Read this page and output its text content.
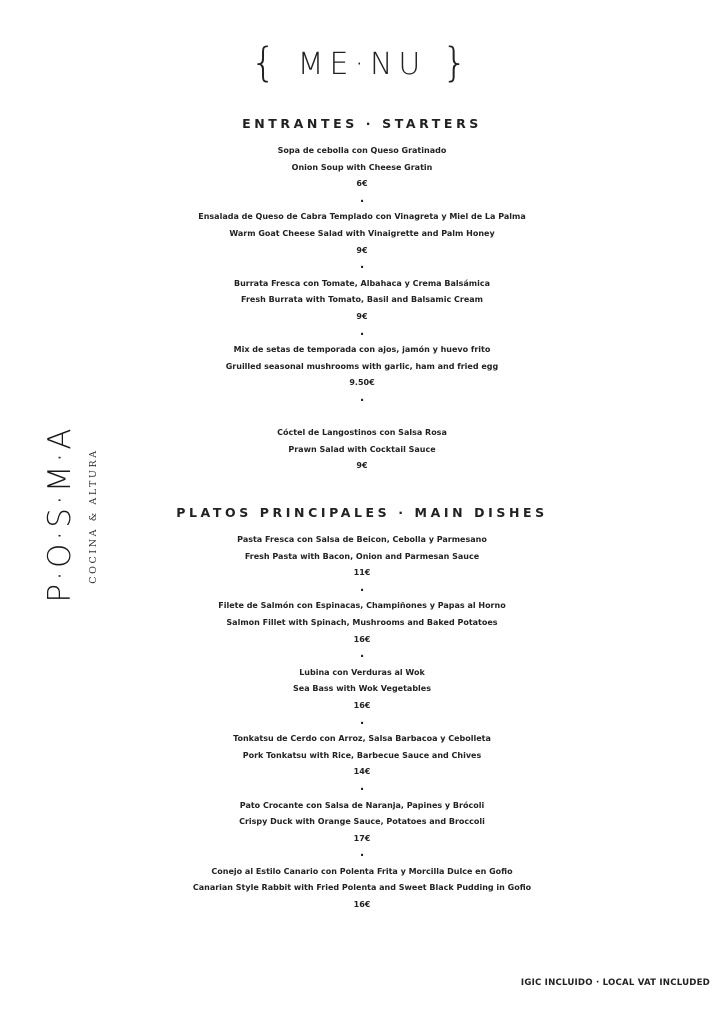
{ ME·NU }
P·O·S·M·A COCINA & ALTURA
ENTRANTES · STARTERS
Sopa de cebolla con Queso Gratinado
Onion Soup with Cheese Gratin
6€
·
Ensalada de Queso de Cabra Templado con Vinagreta y Miel de La Palma
Warm Goat Cheese Salad with Vinaigrette and Palm Honey
9€
·
Burrata Fresca con Tomate, Albahaca y Crema Balsámica
Fresh Burrata with Tomato, Basil and Balsamic Cream
9€
·
Mix de setas de temporada con ajos, jamón y huevo frito
Gruilled seasonal mushrooms with garlic, ham and fried egg
9.50€
·
Cóctel de Langostinos con Salsa Rosa
Prawn Salad with Cocktail Sauce
9€
PLATOS PRINCIPALES · MAIN DISHES
Pasta Fresca con Salsa de Beicon, Cebolla y Parmesano
Fresh Pasta with Bacon, Onion and Parmesan Sauce
11€
·
Filete de Salmón con Espinacas, Champiñones y Papas al Horno
Salmon Fillet with Spinach, Mushrooms and Baked Potatoes
16€
·
Lubina con Verduras al Wok
Sea Bass with Wok Vegetables
16€
·
Tonkatsu de Cerdo con Arroz, Salsa Barbacoa y Cebolleta
Pork Tonkatsu with Rice, Barbecue Sauce and Chives
14€
·
Pato Crocante con Salsa de Naranja, Papines y Brócoli
Crispy Duck with Orange Sauce, Potatoes and Broccoli
17€
·
Conejo al Estilo Canario con Polenta Frita y Morcilla Dulce en Gofio
Canarian Style Rabbit with Fried Polenta and Sweet Black Pudding in Gofio
16€
IGIC INCLUIDO · LOCAL VAT INCLUDED
